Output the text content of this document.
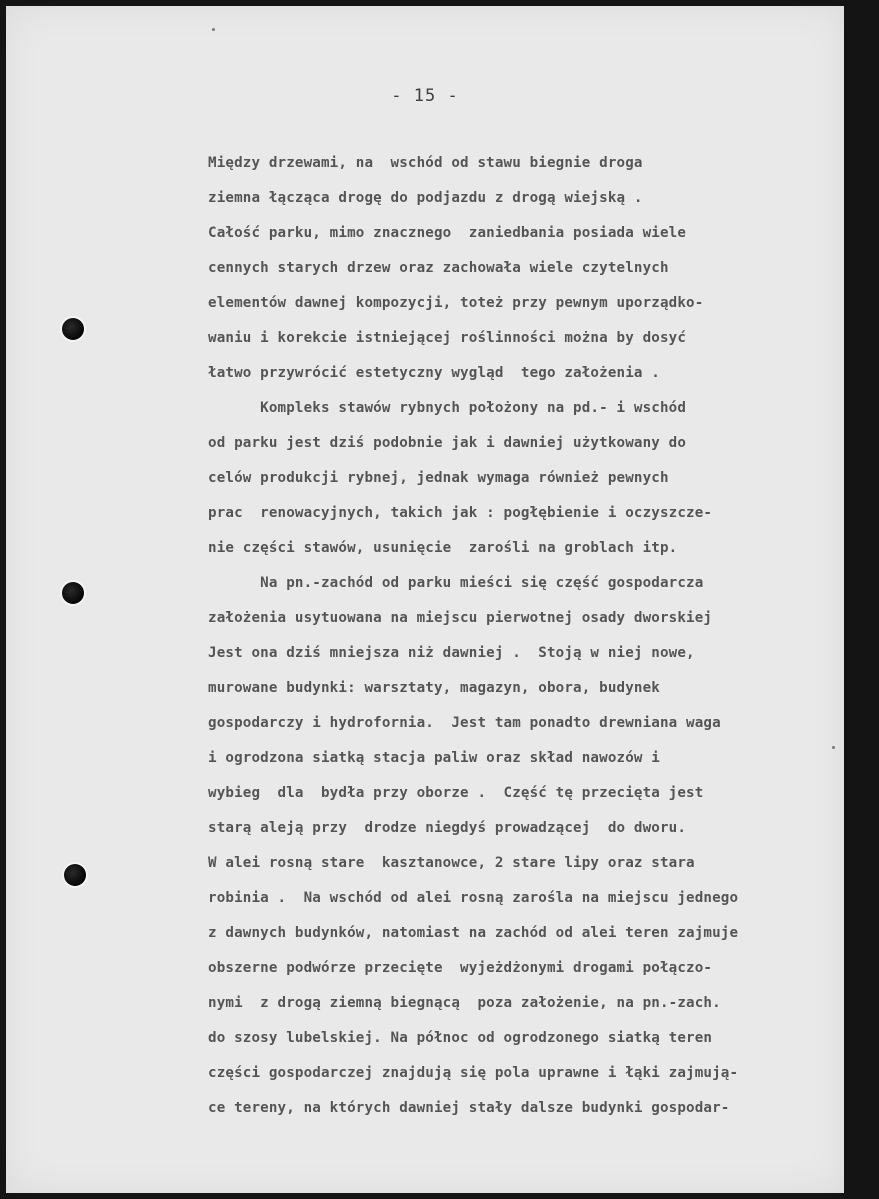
- 15 -
Między drzewami, na  wschód od stawu biegnie droga
ziemna łącząca drogę do podjazdu z drogą wiejską .
Całość parku, mimo znacznego  zaniedbania posiada wiele
cennych starych drzew oraz zachowała wiele czytelnych
elementów dawnej kompozycji, toteż przy pewnym uporządko-
waniu i korekcie istniejącej roślinności można by dosyć
łatwo przywrócić estetyczny wygląd  tego założenia .
Kompleks stawów rybnych położony na pd.- i wschód
od parku jest dziś podobnie jak i dawniej użytkowany do
celów produkcji rybnej, jednak wymaga również pewnych
prac  renowacyjnych, takich jak : pogłębienie i oczyszcze-
nie części stawów, usunięcie  zarośli na groblach itp.
Na pn.-zachód od parku mieści się część gospodarcza
założenia usytuowana na miejscu pierwotnej osady dworskiej
Jest ona dziś mniejsza niż dawniej .  Stoją w niej nowe,
murowane budynki: warsztaty, magazyn, obora, budynek
gospodarczy i hydrofornia.  Jest tam ponadto drewniana waga
i ogrodzona siatką stacja paliw oraz skład nawozów i
wybieg  dla  bydła przy oborze .  Część tę przecięta jest
starą aleją przy  drodze niegdyś prowadzącej  do dworu.
W alei rosną stare  kasztanowce, 2 stare lipy oraz stara
robinia .  Na wschód od alei rosną zarośla na miejscu jednego
z dawnych budynków, natomiast na zachód od alei teren zajmuje
obszerne podwórze przecięte  wyjeżdżonymi drogami połączo-
nymi  z drogą ziemną biegnącą  poza założenie, na pn.-zach.
do szosy lubelskiej. Na północ od ogrodzonego siatką teren
części gospodarczej znajdują się pola uprawne i łąki zajmują-
ce tereny, na których dawniej stały dalsze budynki gospodar-
